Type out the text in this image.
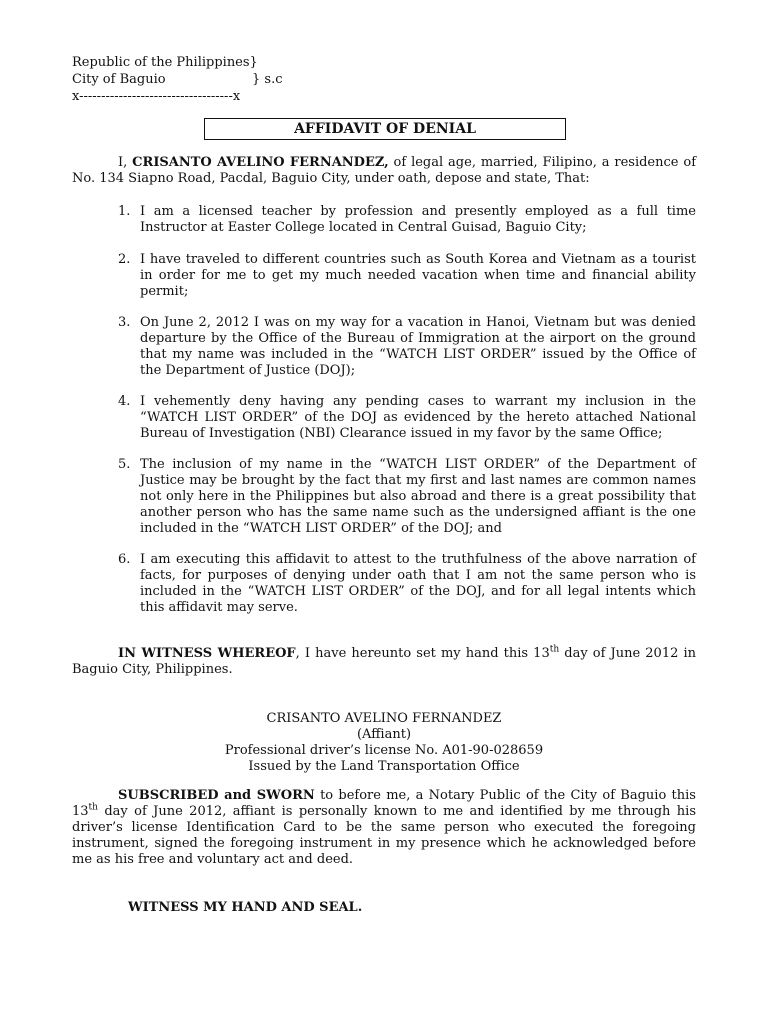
Republic of the Philippines}
City of Baguio	} s.c
x-----------------------------------x
AFFIDAVIT OF DENIAL
I, CRISANTO AVELINO FERNANDEZ, of legal age, married, Filipino, a residence of No. 134 Siapno Road, Pacdal, Baguio City, under oath, depose and state, That:
1. I am a licensed teacher by profession and presently employed as a full time Instructor at Easter College located in Central Guisad, Baguio City;
2. I have traveled to different countries such as South Korea and Vietnam as a tourist in order for me to get my much needed vacation when time and financial ability permit;
3. On June 2, 2012 I was on my way for a vacation in Hanoi, Vietnam but was denied departure by the Office of the Bureau of Immigration at the airport on the ground that my name was included in the “WATCH LIST ORDER” issued by the Office of the Department of Justice (DOJ);
4. I vehemently deny having any pending cases to warrant my inclusion in the “WATCH LIST ORDER” of the DOJ as evidenced by the hereto attached National Bureau of Investigation (NBI) Clearance issued in my favor by the same Office;
5. The inclusion of my name in the “WATCH LIST ORDER” of the Department of Justice may be brought by the fact that my first and last names are common names not only here in the Philippines but also abroad and there is a great possibility that another person who has the same name such as the undersigned affiant is the one included in the “WATCH LIST ORDER” of the DOJ; and
6. I am executing this affidavit to attest to the truthfulness of the above narration of facts, for purposes of denying under oath that I am not the same person who is included in the “WATCH LIST ORDER” of the DOJ, and for all legal intents which this affidavit may serve.
IN WITNESS WHEREOF, I have hereunto set my hand this 13th day of June 2012 in Baguio City, Philippines.
CRISANTO AVELINO FERNANDEZ
(Affiant)
Professional driver’s license No. A01-90-028659
Issued by the Land Transportation Office
SUBSCRIBED and SWORN to before me, a Notary Public of the City of Baguio this 13th day of June 2012, affiant is personally known to me and identified by me through his driver’s license Identification Card to be the same person who executed the foregoing instrument, signed the foregoing instrument in my presence which he acknowledged before me as his free and voluntary act and deed.
WITNESS MY HAND AND SEAL.
